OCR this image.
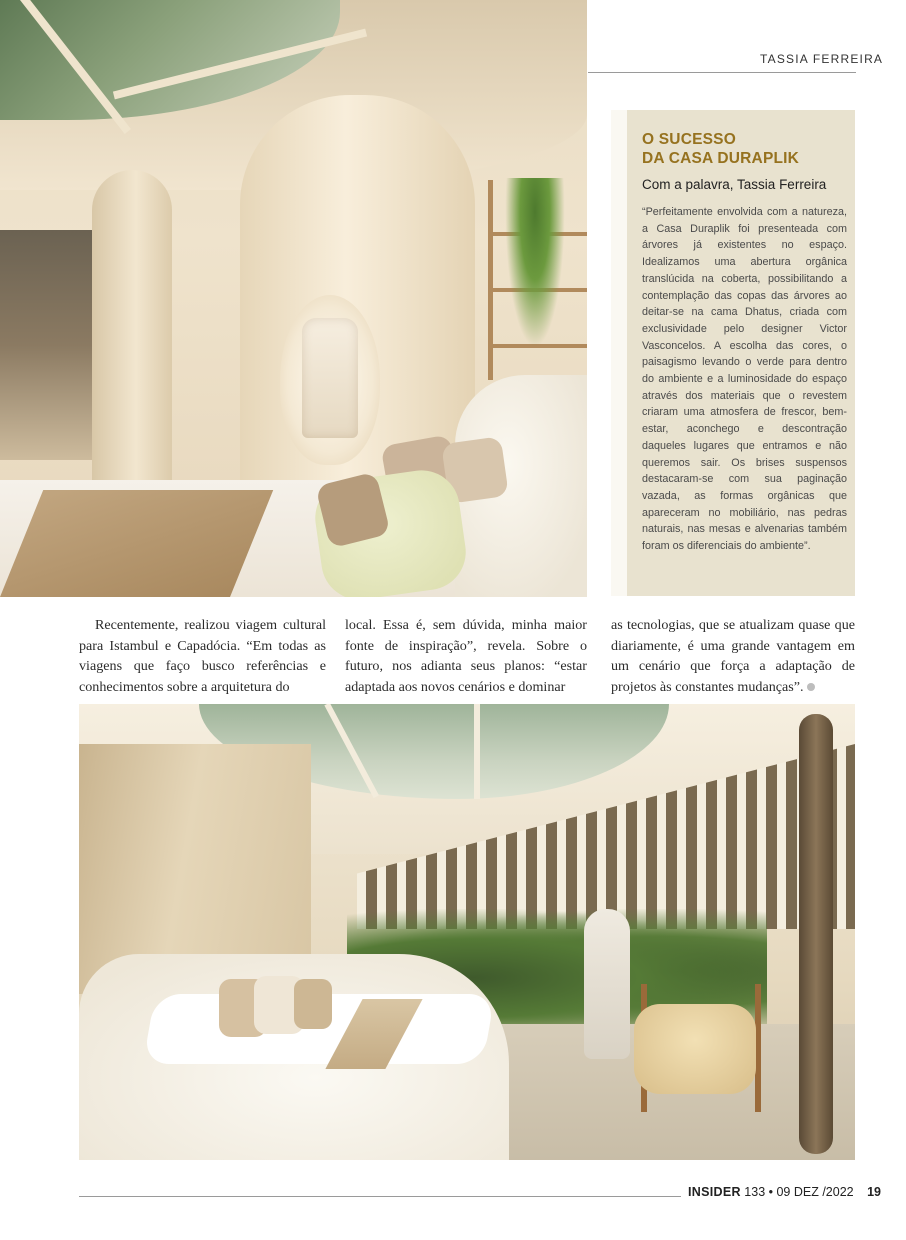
TASSIA FERREIRA
O SUCESSO
DA CASA DURAPLIK
Com a palavra, Tassia Ferreira
“Perfeitamente envolvida com a natureza, a Casa Duraplik foi presenteada com árvores já existentes no espaço. Idealizamos uma abertura orgânica translúcida na coberta, possibilitando a contemplação das copas das árvores ao deitar-se na cama Dhatus, criada com exclusividade pelo designer Victor Vasconcelos. A escolha das cores, o paisagismo levando o verde para dentro do ambiente e a luminosidade do espaço através dos materiais que o revestem criaram uma atmosfera de frescor, bem-estar, aconchego e descontração daqueles lugares que entramos e não queremos sair. Os brises suspensos destacaram-se com sua paginação vazada, as formas orgânicas que apareceram no mobiliário, nas pedras naturais, nas mesas e alvenarias também foram os diferenciais do ambiente”.
Recentemente, realizou viagem cultural para Istambul e Capadócia. “Em todas as viagens que faço busco referências e conhecimentos sobre a arquitetura do
local. Essa é, sem dúvida, minha maior fonte de inspiração”, revela. Sobre o futuro, nos adianta seus planos: “estar adaptada aos novos cenários e dominar
as tecnologias, que se atualizam quase que diariamente, é uma grande vantagem em um cenário que força a adaptação de projetos às constantes mudanças”.
INSIDER 133 • 09 DEZ /2022 19
